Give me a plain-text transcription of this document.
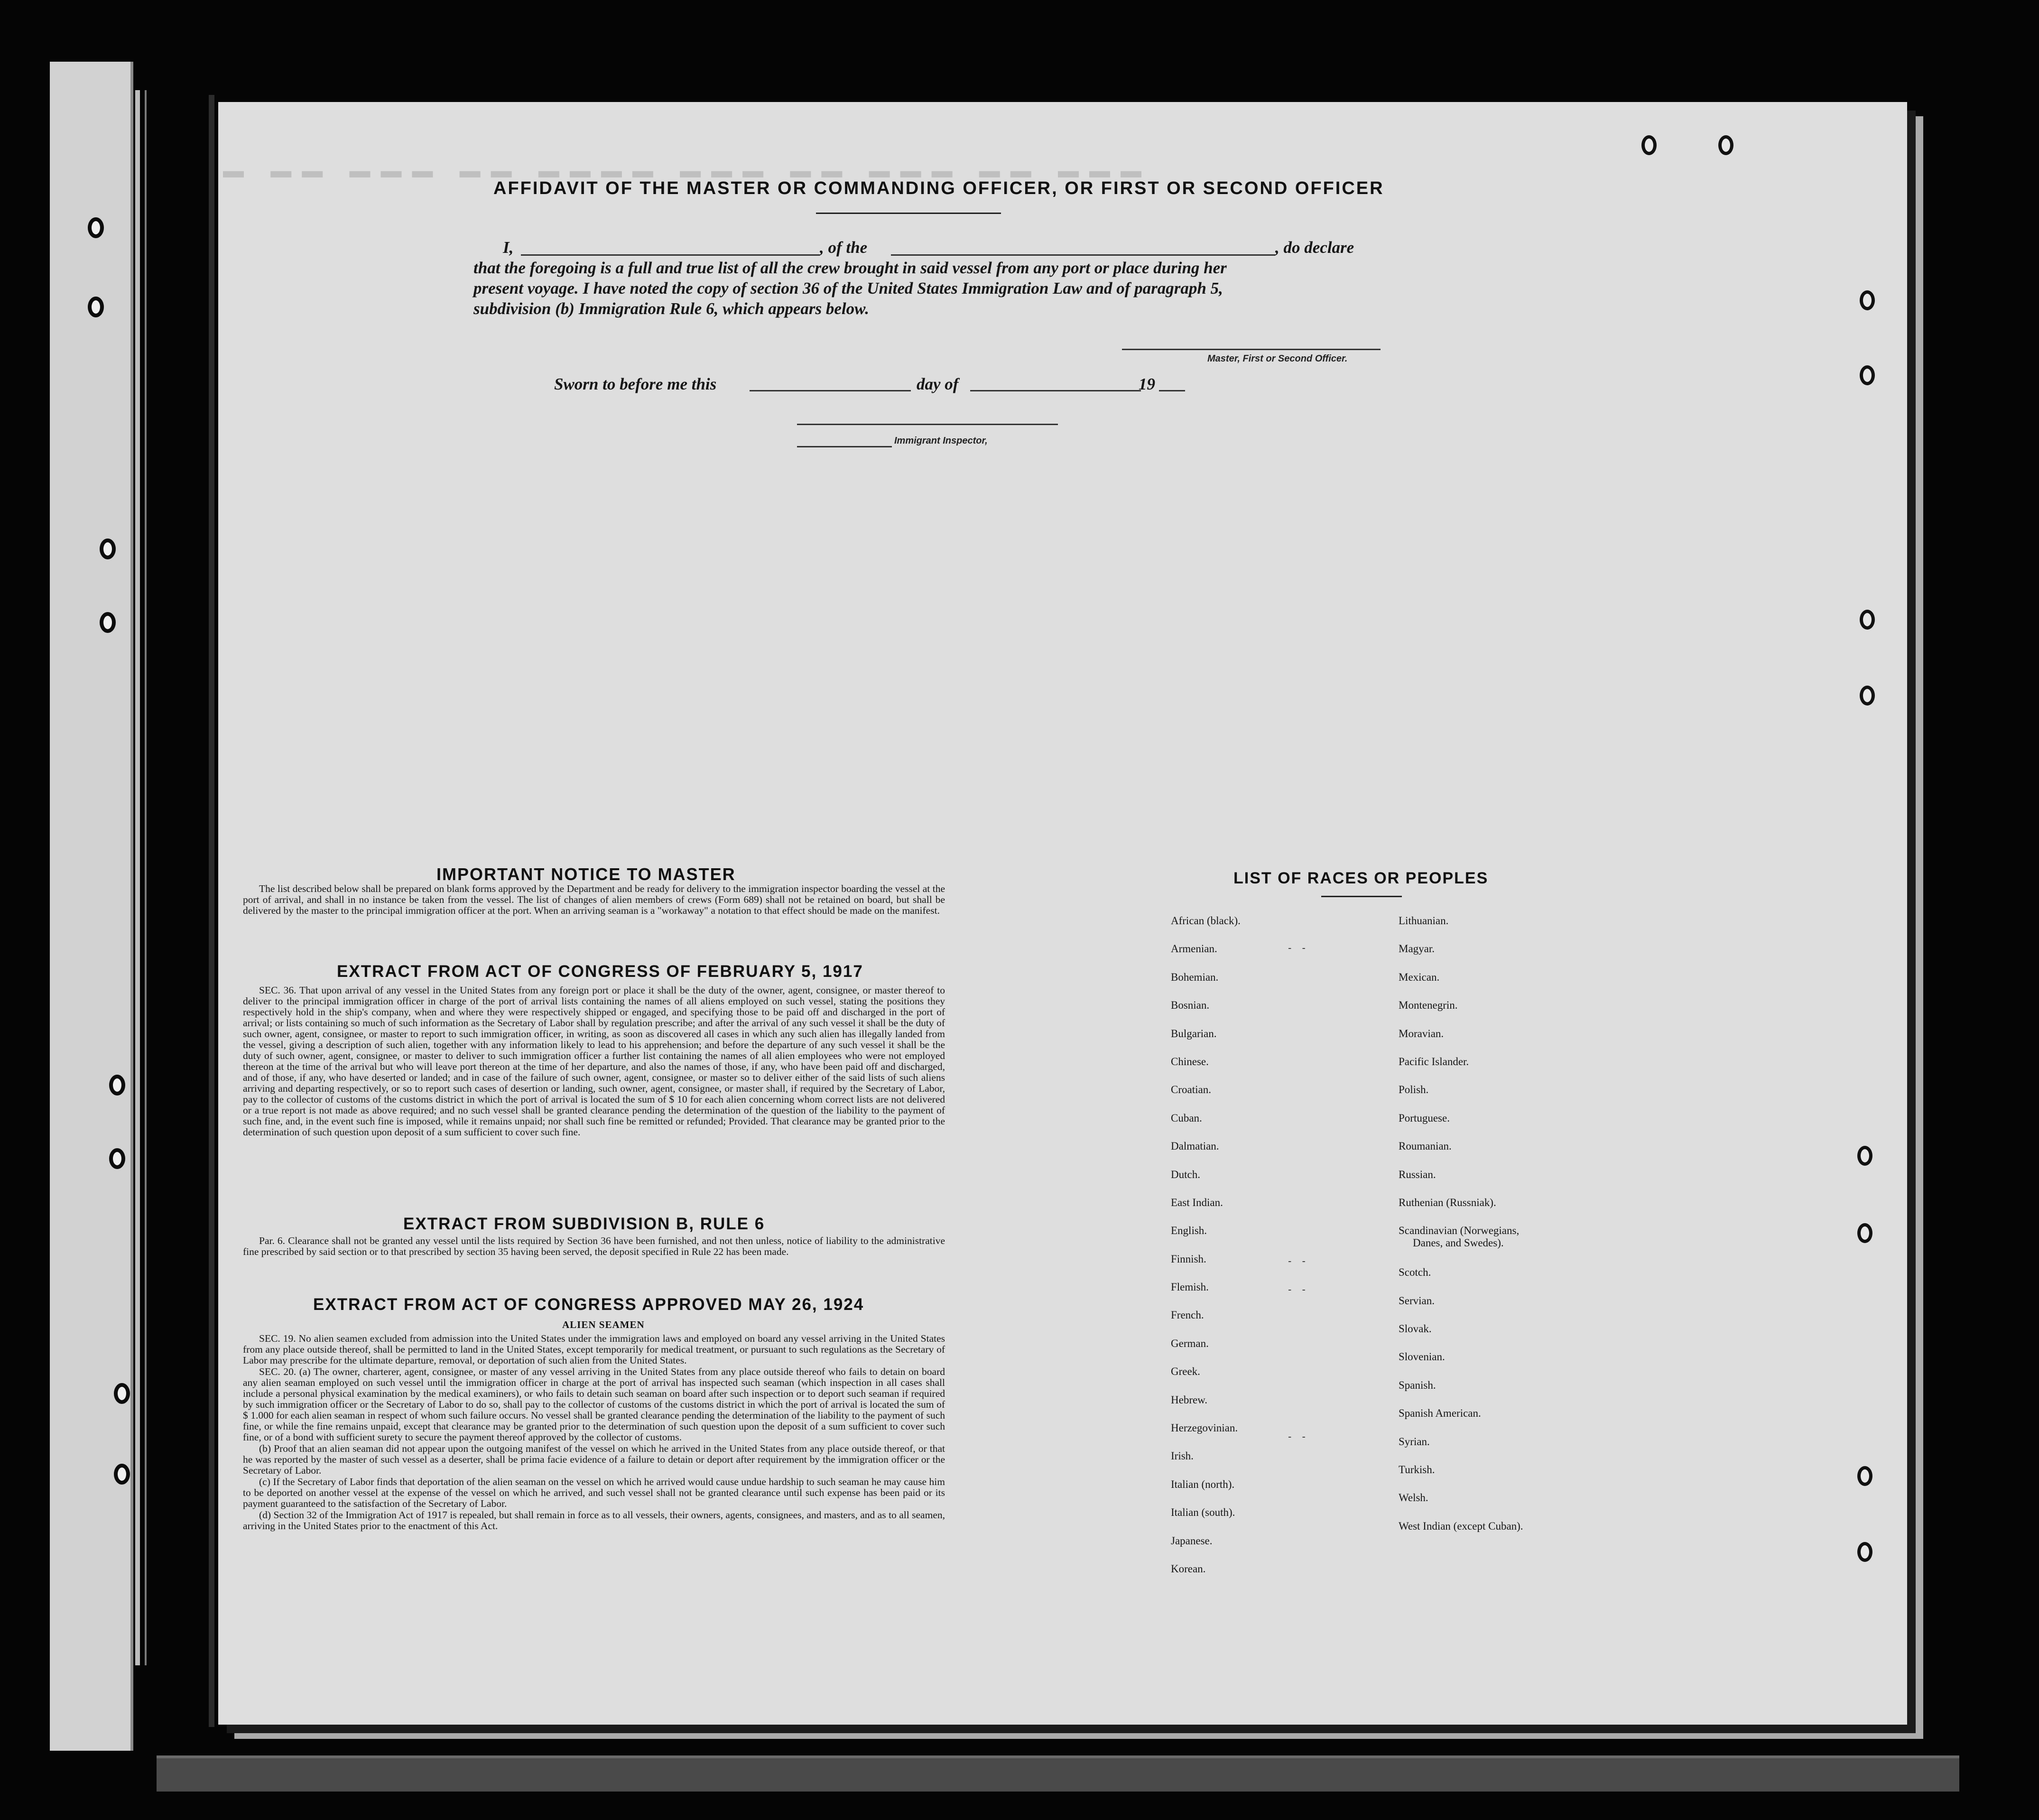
▬ ▬▬ ▬▬▬ ▬▬ ▬▬▬▬ ▬▬▬ ▬▬ ▬▬▬ ▬▬ ▬▬▬
AFFIDAVIT OF THE MASTER OR COMMANDING OFFICER, OR FIRST OR SECOND OFFICER
I,	, of the	, do declare
that the foregoing is a full and true list of all the crew brought in said vessel from any port or place during her
present voyage. I have noted the copy of section 36 of the United States Immigration Law and of paragraph 5,
subdivision (b) Immigration Rule 6, which appears below.
Master, First or Second Officer.
Sworn to before me this	day of	19
Immigrant Inspector,
IMPORTANT NOTICE TO MASTER
The list described below shall be prepared on blank forms approved by the Department and be ready for delivery to the immigration inspector boarding the vessel at the port of arrival, and shall in no instance be taken from the vessel. The list of changes of alien members of crews (Form 689) shall not be retained on board, but shall be delivered by the master to the principal immigration officer at the port. When an arriving seaman is a "workaway" a notation to that effect should be made on the manifest.
EXTRACT FROM ACT OF CONGRESS OF FEBRUARY 5, 1917
SEC. 36. That upon arrival of any vessel in the United States from any foreign port or place it shall be the duty of the owner, agent, consignee, or master thereof to deliver to the principal immigration officer in charge of the port of arrival lists containing the names of all aliens employed on such vessel, stating the positions they respectively hold in the ship's company, when and where they were respectively shipped or engaged, and specifying those to be paid off and discharged in the port of arrival; or lists containing so much of such information as the Secretary of Labor shall by regulation prescribe; and after the arrival of any such vessel it shall be the duty of such owner, agent, consignee, or master to report to such immigration officer, in writing, as soon as discovered all cases in which any such alien has illegally landed from the vessel, giving a description of such alien, together with any information likely to lead to his apprehension; and before the departure of any such vessel it shall be the duty of such owner, agent, consignee, or master to deliver to such immigration officer a further list containing the names of all alien employees who were not employed thereon at the time of the arrival but who will leave port thereon at the time of her departure, and also the names of those, if any, who have been paid off and discharged, and of those, if any, who have deserted or landed; and in case of the failure of such owner, agent, consignee, or master so to deliver either of the said lists of such aliens arriving and departing respectively, or so to report such cases of desertion or landing, such owner, agent, consignee, or master shall, if required by the Secretary of Labor, pay to the collector of customs of the customs district in which the port of arrival is located the sum of $ 10 for each alien concerning whom correct lists are not delivered or a true report is not made as above required; and no such vessel shall be granted clearance pending the determination of the question of the liability to the payment of such fine, and, in the event such fine is imposed, while it remains unpaid; nor shall such fine be remitted or refunded; Provided. That clearance may be granted prior to the determination of such question upon deposit of a sum sufficient to cover such fine.
EXTRACT FROM SUBDIVISION B, RULE 6
Par. 6. Clearance shall not be granted any vessel until the lists required by Section 36 have been furnished, and not then unless, notice of liability to the administrative fine prescribed by said section or to that prescribed by section 35 having been served, the deposit specified in Rule 22 has been made.
EXTRACT FROM ACT OF CONGRESS APPROVED MAY 26, 1924
ALIEN SEAMEN
SEC. 19. No alien seamen excluded from admission into the United States under the immigration laws and employed on board any vessel arriving in the United States from any place outside thereof, shall be permitted to land in the United States, except temporarily for medical treatment, or pursuant to such regulations as the Secretary of Labor may prescribe for the ultimate departure, removal, or deportation of such alien from the United States.
SEC. 20. (a) The owner, charterer, agent, consignee, or master of any vessel arriving in the United States from any place outside thereof who fails to detain on board any alien seaman employed on such vessel until the immigration officer in charge at the port of arrival has inspected such seaman (which inspection in all cases shall include a personal physical examination by the medical examiners), or who fails to detain such seaman on board after such inspection or to deport such seaman if required by such immigration officer or the Secretary of Labor to do so, shall pay to the collector of customs of the customs district in which the port of arrival is located the sum of $ 1.000 for each alien seaman in respect of whom such failure occurs. No vessel shall be granted clearance pending the determination of the liability to the payment of such fine, or while the fine remains unpaid, except that clearance may be granted prior to the determination of such question upon the deposit of a sum sufficient to cover such fine, or of a bond with sufficient surety to secure the payment thereof approved by the collector of customs.
(b) Proof that an alien seaman did not appear upon the outgoing manifest of the vessel on which he arrived in the United States from any place outside thereof, or that he was reported by the master of such vessel as a deserter, shall be prima facie evidence of a failure to detain or deport after requirement by the immigration officer or the Secretary of Labor.
(c) If the Secretary of Labor finds that deportation of the alien seaman on the vessel on which he arrived would cause undue hardship to such seaman he may cause him to be deported on another vessel at the expense of the vessel on which he arrived, and such vessel shall not be granted clearance until such expense has been paid or its payment guaranteed to the satisfaction of the Secretary of Labor.
(d) Section 32 of the Immigration Act of 1917 is repealed, but shall remain in force as to all vessels, their owners, agents, consignees, and masters, and as to all seamen, arriving in the United States prior to the enactment of this Act.
LIST OF RACES OR PEOPLES
African (black).
Armenian.
Bohemian.
Bosnian.
Bulgarian.
Chinese.
Croatian.
Cuban.
Dalmatian.
Dutch.
East Indian.
English.
Finnish.
Flemish.
French.
German.
Greek.
Hebrew.
Herzegovinian.
Irish.
Italian (north).
Italian (south).
Japanese.
Korean.
Lithuanian.
Magyar.
Mexican.
Montenegrin.
Moravian.
Pacific Islander.
Polish.
Portuguese.
Roumanian.
Russian.
Ruthenian (Russniak).
Scandinavian (Norwegians,
Danes, and Swedes).
Scotch.
Servian.
Slovak.
Slovenian.
Spanish.
Spanish American.
Syrian.
Turkish.
Welsh.
West Indian (except Cuban).
- -
- -
- -
- -
